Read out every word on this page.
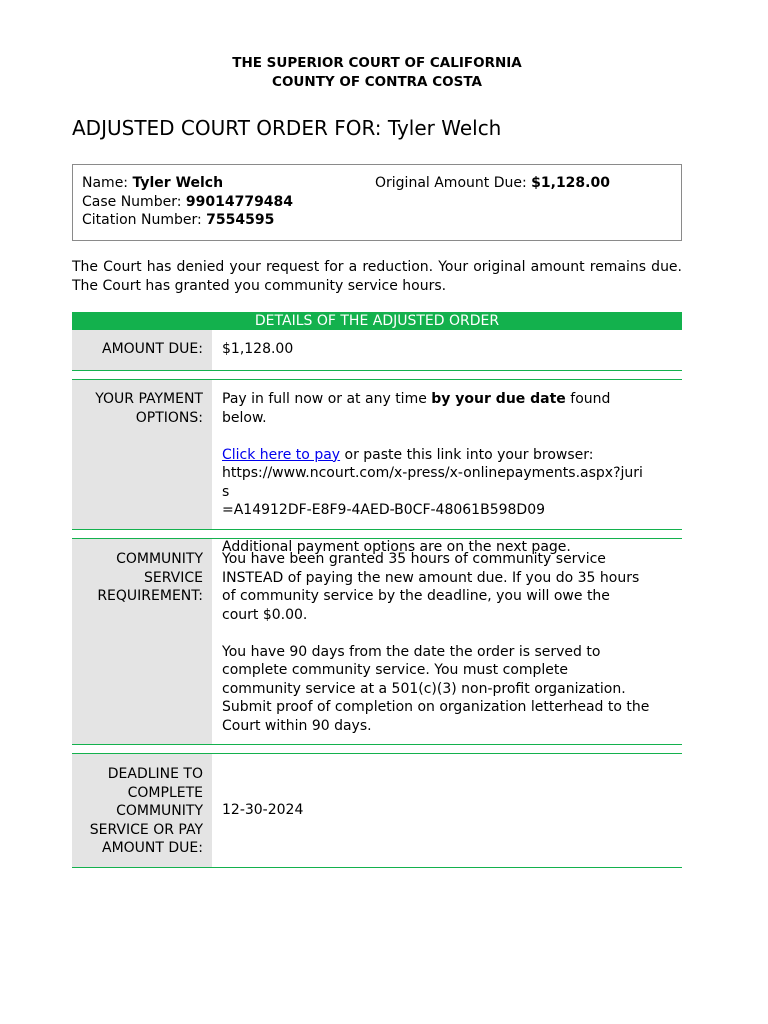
THE SUPERIOR COURT OF CALIFORNIA
COUNTY OF CONTRA COSTA
ADJUSTED COURT ORDER FOR: Tyler Welch
Name: Tyler Welch
Case Number: 99014779484
Citation Number: 7554595
Original Amount Due: $1,128.00
The Court has denied your request for a reduction. Your original amount remains due. The Court has granted you community service hours.
DETAILS OF THE ADJUSTED ORDER
AMOUNT DUE:	$1,128.00
YOUR PAYMENT
OPTIONS:

Pay in full now or at any time by your due date found below.

Click here to pay or paste this link into your browser:
https://www.ncourt.com/x-press/x-onlinepayments.aspx?juris
=A14912DF-E8F9-4AED-B0CF-48061B598D09

Additional payment options are on the next page.

COMMUNITY
SERVICE
REQUIREMENT:

You have been granted 35 hours of community service INSTEAD of paying the new amount due. If you do 35 hours of community service by the deadline, you will owe the court $0.00.

You have 90 days from the date the order is served to complete community service. You must complete community service at a 501(c)(3) non-profit organization. Submit proof of completion on organization letterhead to the Court within 90 days.

DEADLINE TO
COMPLETE
COMMUNITY
SERVICE OR PAY
AMOUNT DUE:
12-30-2024
